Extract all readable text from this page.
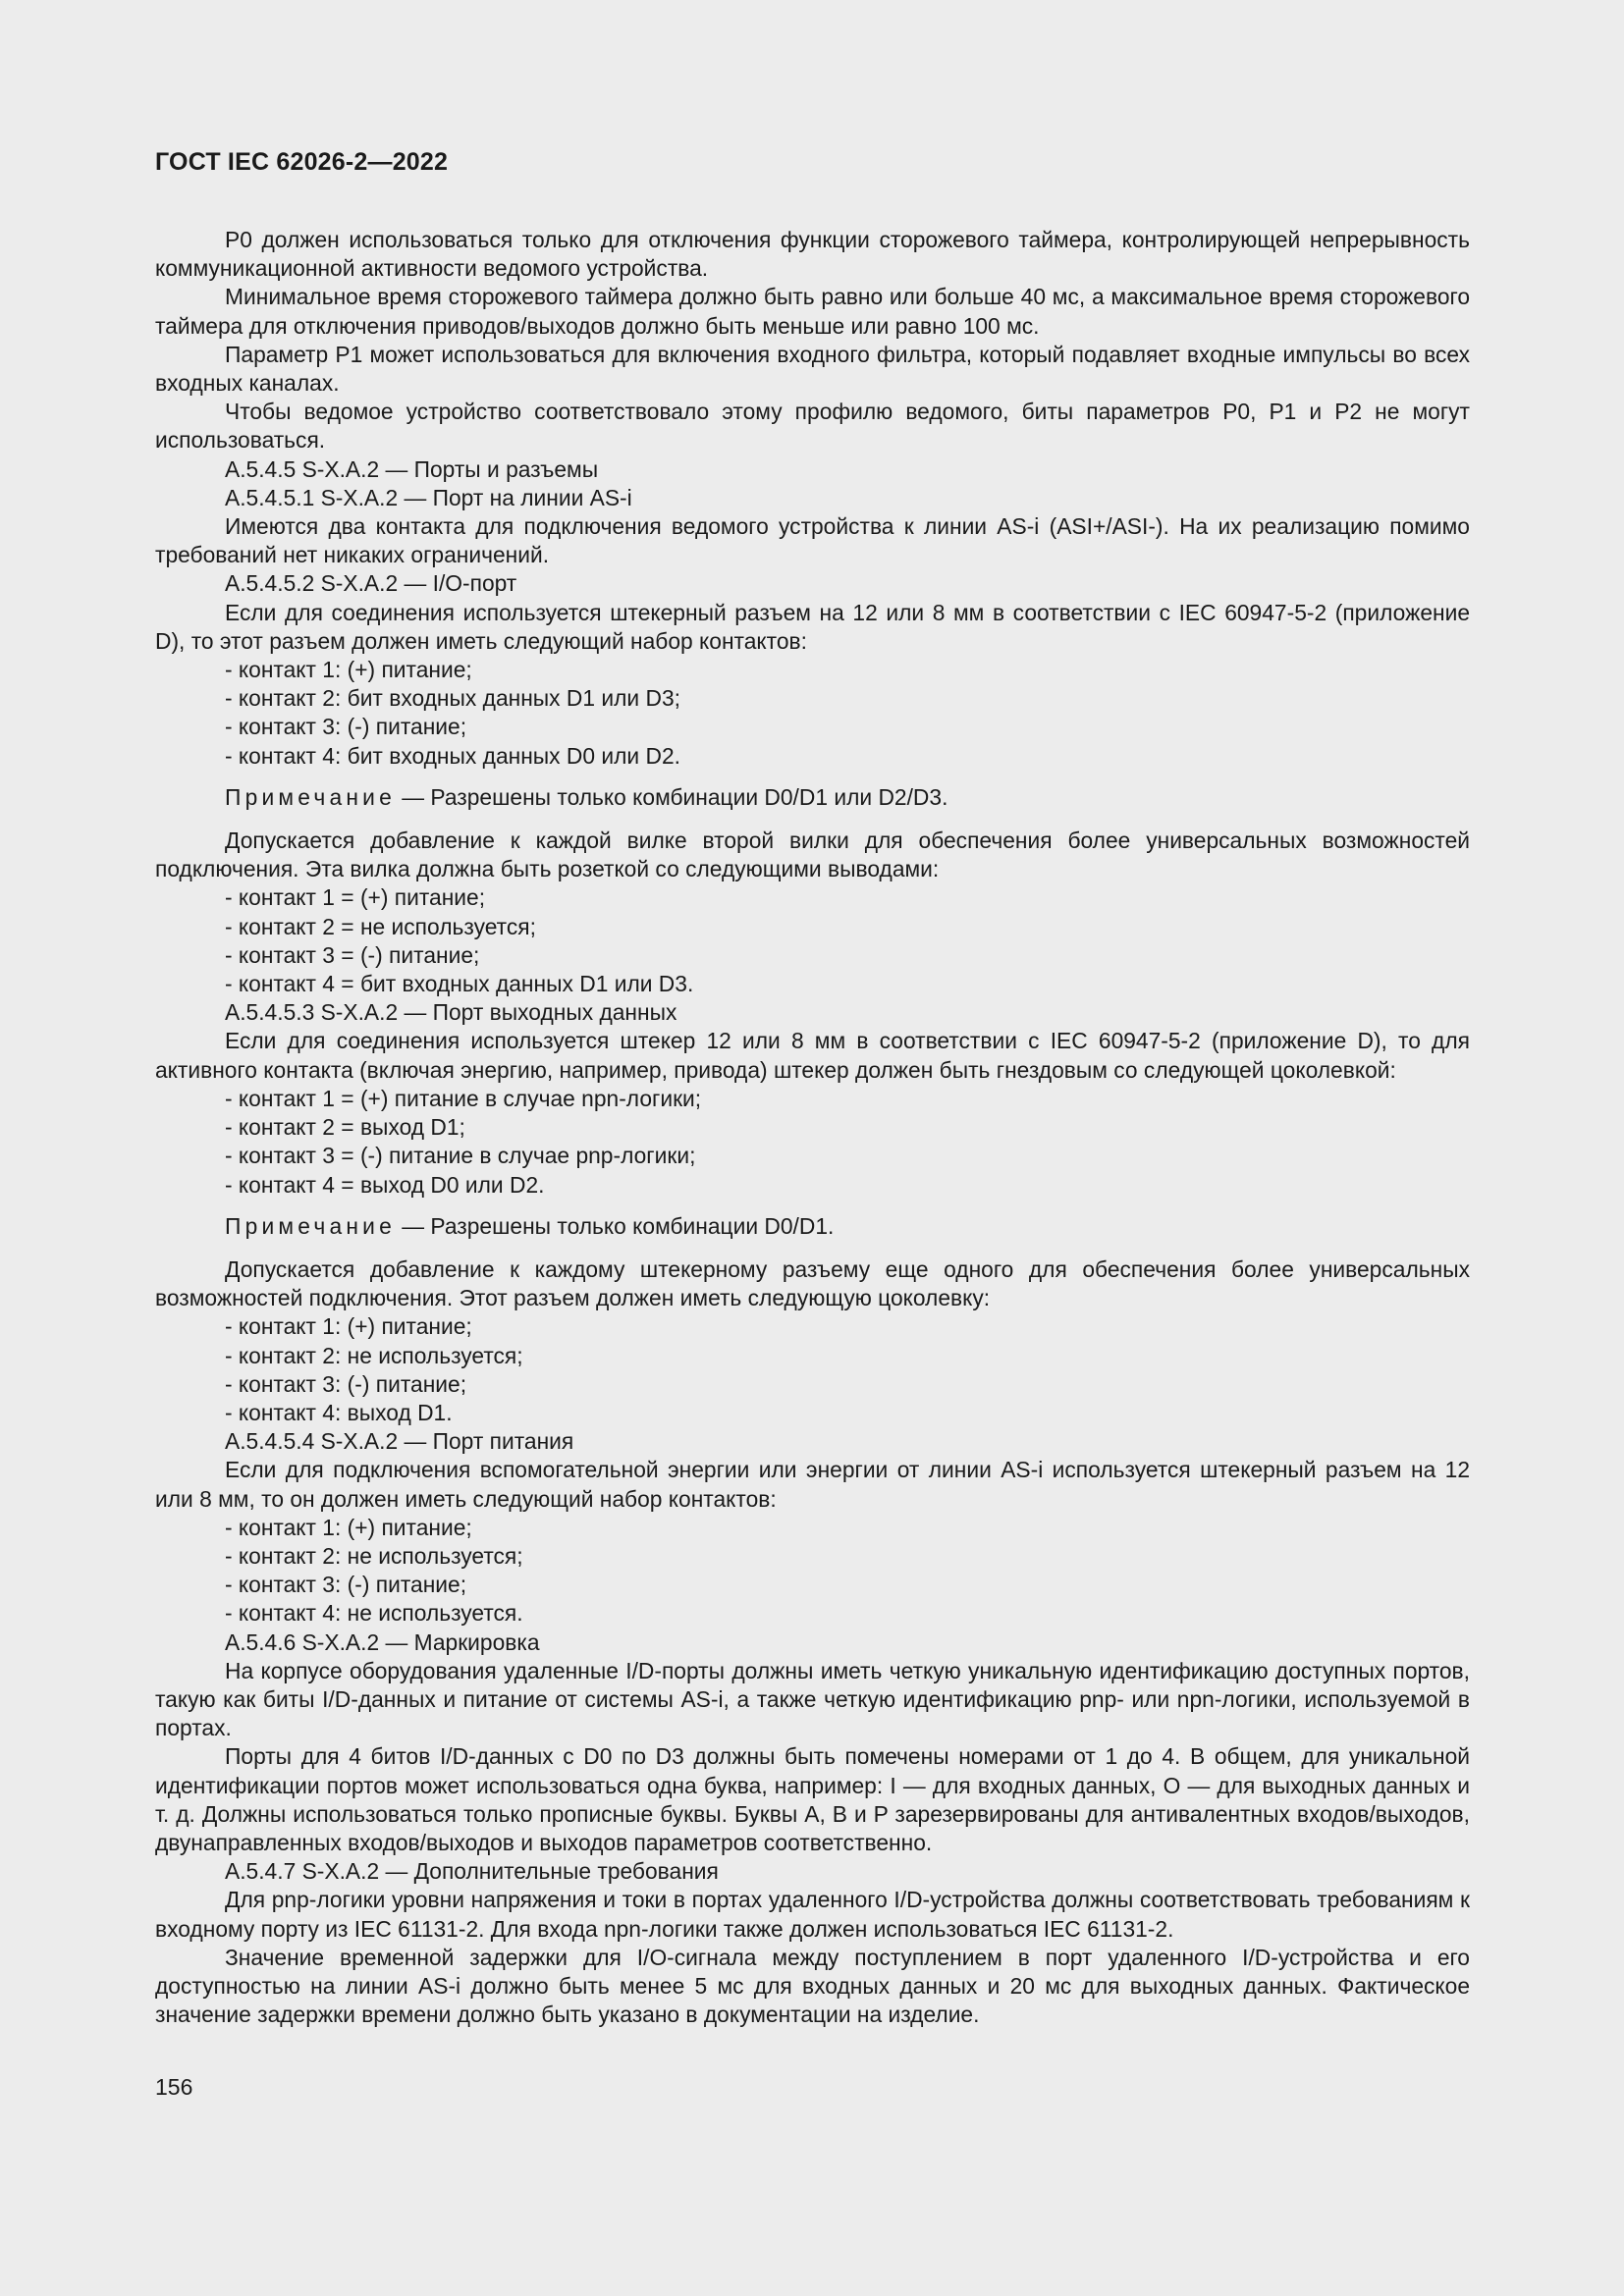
ГОСТ IEC 62026-2—2022

P0 должен использоваться только для отключения функции сторожевого таймера, контролирующей непрерывность коммуникационной активности ведомого устройства.

Минимальное время сторожевого таймера должно быть равно или больше 40 мс, а максимальное время сторожевого таймера для отключения приводов/выходов должно быть меньше или равно 100 мс.

Параметр P1 может использоваться для включения входного фильтра, который подавляет входные импульсы во всех входных каналах.

Чтобы ведомое устройство соответствовало этому профилю ведомого, биты параметров P0, P1 и P2 не могут использоваться.

A.5.4.5 S-X.A.2 — Порты и разъемы

A.5.4.5.1 S-X.A.2 — Порт на линии AS-i

Имеются два контакта для подключения ведомого устройства к линии AS-i (ASI+/ASI-). На их реализацию помимо требований нет никаких ограничений.

A.5.4.5.2 S-X.A.2 — I/O-порт

Если для соединения используется штекерный разъем на 12 или 8 мм в соответствии с IEC 60947-5-2 (приложение D), то этот разъем должен иметь следующий набор контактов:

- контакт 1: (+) питание;

- контакт 2: бит входных данных D1 или D3;

- контакт 3: (-) питание;

- контакт 4: бит входных данных D0 или D2.

Примечание — Разрешены только комбинации D0/D1 или D2/D3.

Допускается добавление к каждой вилке второй вилки для обеспечения более универсальных возможностей подключения. Эта вилка должна быть розеткой со следующими выводами:

- контакт 1 = (+) питание;

- контакт 2 = не используется;

- контакт 3 = (-) питание;

- контакт 4 = бит входных данных D1 или D3.

A.5.4.5.3 S-X.A.2 — Порт выходных данных

Если для соединения используется штекер 12 или 8 мм в соответствии с IEC 60947-5-2 (приложение D), то для активного контакта (включая энергию, например, привода) штекер должен быть гнездовым со следующей цоколевкой:

- контакт 1 = (+) питание в случае npn-логики;

- контакт 2 = выход D1;

- контакт 3 = (-) питание в случае pnp-логики;

- контакт 4 = выход D0 или D2.

Примечание — Разрешены только комбинации D0/D1.

Допускается добавление к каждому штекерному разъему еще одного для обеспечения более универсальных возможностей подключения. Этот разъем должен иметь следующую цоколевку:

- контакт 1: (+) питание;

- контакт 2: не используется;

- контакт 3: (-) питание;

- контакт 4: выход D1.

A.5.4.5.4 S-X.A.2 — Порт питания

Если для подключения вспомогательной энергии или энергии от линии AS-i используется штекерный разъем на 12 или 8 мм, то он должен иметь следующий набор контактов:

- контакт 1: (+) питание;

- контакт 2: не используется;

- контакт 3: (-) питание;

- контакт 4: не используется.

A.5.4.6 S-X.A.2 — Маркировка

На корпусе оборудования удаленные I/D-порты должны иметь четкую уникальную идентификацию доступных портов, такую как биты I/D-данных и питание от системы AS-i, а также четкую идентификацию pnp- или npn-логики, используемой в портах.

Порты для 4 битов I/D-данных с D0 по D3 должны быть помечены номерами от 1 до 4. В общем, для уникальной идентификации портов может использоваться одна буква, например: I — для входных данных, O — для выходных данных и т. д. Должны использоваться только прописные буквы. Буквы A, B и P зарезервированы для антивалентных входов/выходов, двунаправленных входов/выходов и выходов параметров соответственно.

A.5.4.7 S-X.A.2 — Дополнительные требования

Для pnp-логики уровни напряжения и токи в портах удаленного I/D-устройства должны соответствовать требованиям к входному порту из IEC 61131-2. Для входа npn-логики также должен использоваться IEC 61131-2.

Значение временной задержки для I/O-сигнала между поступлением в порт удаленного I/D-устройства и его доступностью на линии AS-i должно быть менее 5 мс для входных данных и 20 мс для выходных данных. Фактическое значение задержки времени должно быть указано в документации на изделие.

156
